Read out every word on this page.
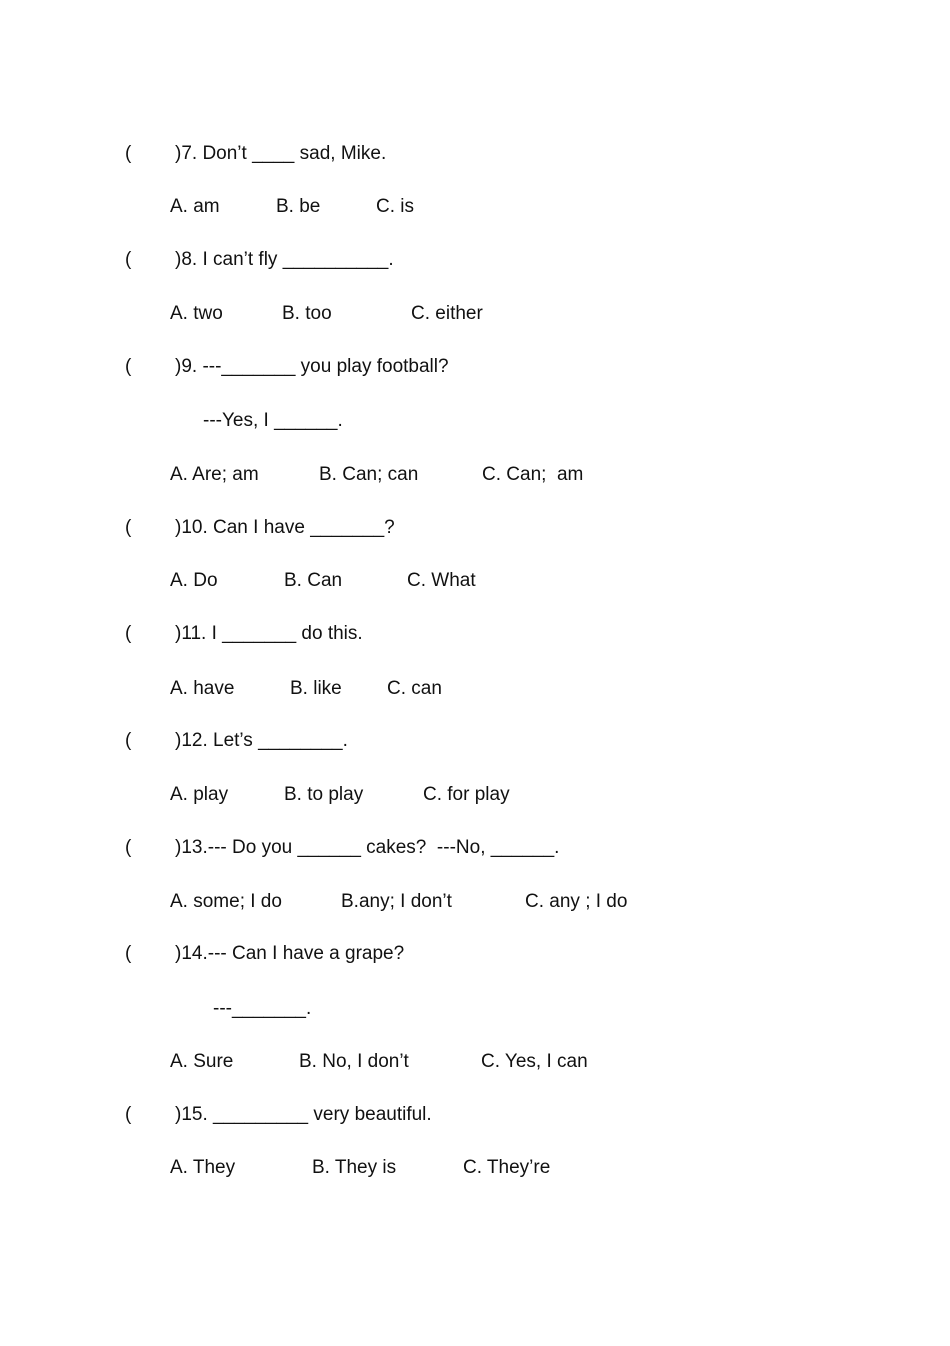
( )7. Don’t ____ sad, Mike.
A. am	B. be	C. is
( )8. I can’t fly __________.
A. two	B. too	C. either
( )9. ---_______ you play football?
---Yes, I ______.
A. Are; am	B. Can; can	C. Can;  am
( )10. Can I have _______?
A. Do	B. Can	C. What
( )11. I _______ do this.
A. have	B. like C. can
( )12. Let’s ________.
A. play	B. to play	C. for play
( )13.--- Do you ______ cakes?  ---No, ______.
A. some; I do	B.any; I don’t	C. any ; I do
( )14.--- Can I have a grape?
---_______.
A. Sure	B. No, I don’t	C. Yes, I can
( )15. _________ very beautiful.
A. They	B. They is	C. They’re
